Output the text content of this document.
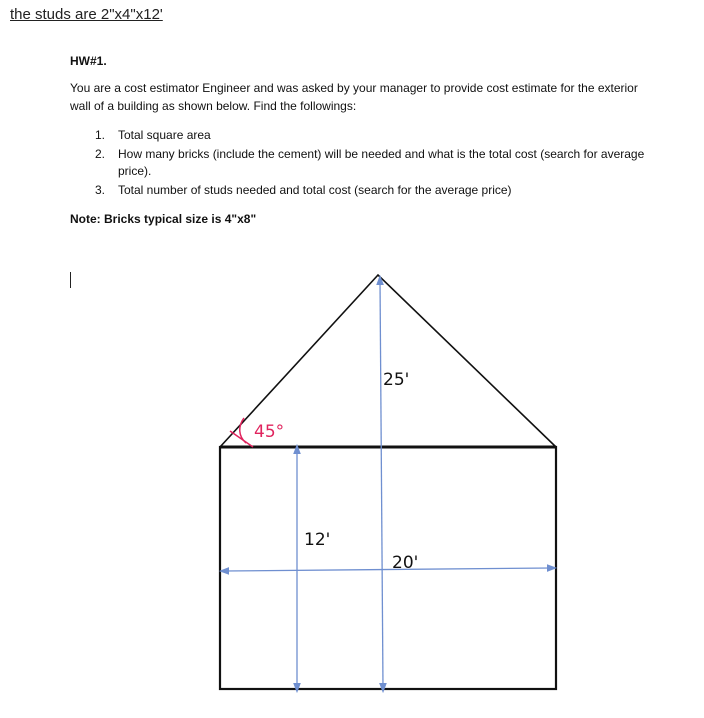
the studs are 2"x4"x12'
HW#1.
You are a cost estimator Engineer and was asked by your manager to provide cost estimate for the exterior wall of a building as shown below. Find the followings:
1. Total square area
2. How many bricks (include the cement) will be needed and what is the total cost (search for average price).
3. Total number of studs needed and total cost (search for the average price)
Note: Bricks typical size is 4"x8"
45°
12'
25'
20'
